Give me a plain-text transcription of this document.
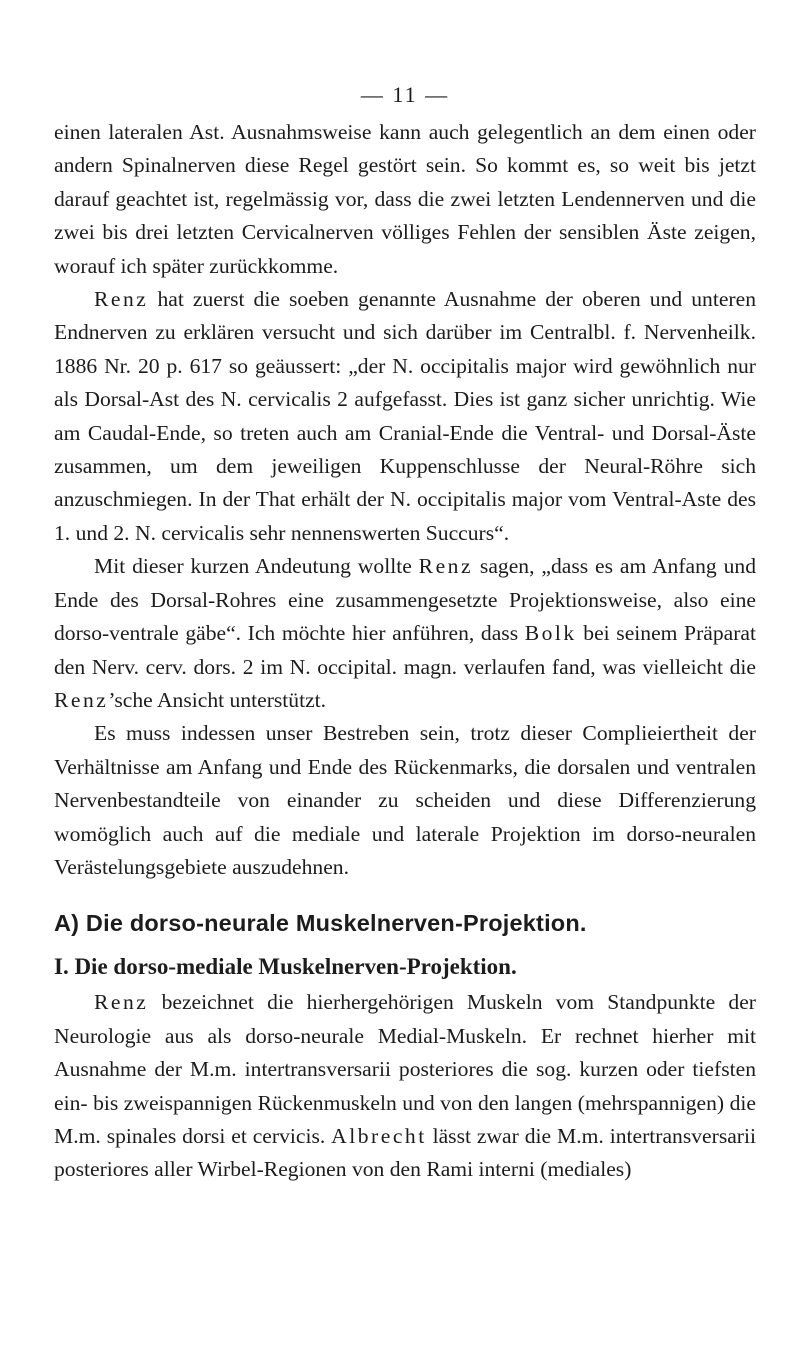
— 11 —

einen lateralen Ast. Ausnahmsweise kann auch gelegentlich an dem einen oder andern Spinalnerven diese Regel gestört sein. So kommt es, so weit bis jetzt darauf geachtet ist, regelmässig vor, dass die zwei letzten Lendennerven und die zwei bis drei letzten Cervicalnerven völliges Fehlen der sensiblen Äste zeigen, worauf ich später zurückkomme.

Renz hat zuerst die soeben genannte Ausnahme der oberen und unteren Endnerven zu erklären versucht und sich darüber im Centralbl. f. Nervenheilk. 1886 Nr. 20 p. 617 so geäussert: „der N. occipitalis major wird gewöhnlich nur als Dorsal-Ast des N. cervicalis 2 aufgefasst. Dies ist ganz sicher unrichtig. Wie am Caudal-Ende, so treten auch am Cranial-Ende die Ventral- und Dorsal-Äste zusammen, um dem jeweiligen Kuppenschlusse der Neural-Röhre sich anzuschmiegen. In der That erhält der N. occipitalis major vom Ventral-Aste des 1. und 2. N. cervicalis sehr nennenswerten Succurs“.

Mit dieser kurzen Andeutung wollte Renz sagen, „dass es am Anfang und Ende des Dorsal-Rohres eine zusammengesetzte Projektionsweise, also eine dorso-ventrale gäbe“. Ich möchte hier anführen, dass Bolk bei seinem Präparat den Nerv. cerv. dors. 2 im N. occipital. magn. verlaufen fand, was vielleicht die Renz’sche Ansicht unterstützt.

Es muss indessen unser Bestreben sein, trotz dieser Complieiertheit der Verhältnisse am Anfang und Ende des Rückenmarks, die dorsalen und ventralen Nervenbestandteile von einander zu scheiden und diese Differenzierung womöglich auch auf die mediale und laterale Projektion im dorso-neuralen Verästelungsgebiete auszudehnen.

A) Die dorso-neurale Muskelnerven-Projektion.
I. Die dorso-mediale Muskelnerven-Projektion.

Renz bezeichnet die hierhergehörigen Muskeln vom Standpunkte der Neurologie aus als dorso-neurale Medial-Muskeln. Er rechnet hierher mit Ausnahme der M.m. intertransversarii posteriores die sog. kurzen oder tiefsten ein- bis zweispannigen Rückenmuskeln und von den langen (mehrspannigen) die M.m. spinales dorsi et cervicis. Albrecht lässt zwar die M.m. intertransversarii posteriores aller Wirbel-Regionen von den Rami interni (mediales)
